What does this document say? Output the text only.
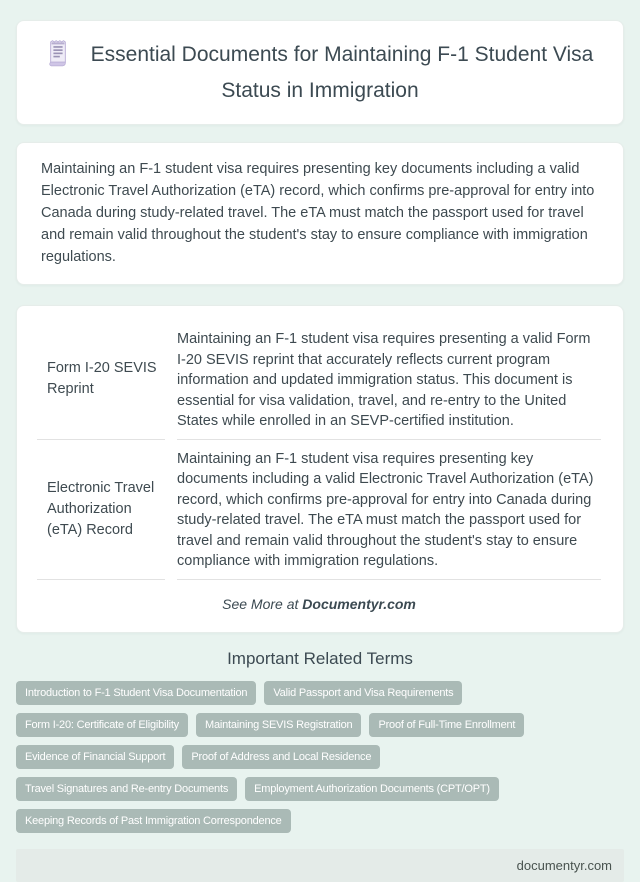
Essential Documents for Maintaining F-1 Student Visa Status in Immigration

Maintaining an F-1 student visa requires presenting key documents including a valid Electronic Travel Authorization (eTA) record, which confirms pre-approval for entry into Canada during study-related travel. The eTA must match the passport used for travel and remain valid throughout the student's stay to ensure compliance with immigration regulations.

Form I-20 SEVIS Reprint
Maintaining an F-1 student visa requires presenting a valid Form I-20 SEVIS reprint that accurately reflects current program information and updated immigration status. This document is essential for visa validation, travel, and re-entry to the United States while enrolled in an SEVP-certified institution.
Electronic Travel Authorization (eTA) Record
Maintaining an F-1 student visa requires presenting key documents including a valid Electronic Travel Authorization (eTA) record, which confirms pre-approval for entry into Canada during study-related travel. The eTA must match the passport used for travel and remain valid throughout the student's stay to ensure compliance with immigration regulations.
See More at Documentyr.com
Important Related Terms
Introduction to F-1 Student Visa Documentation	Valid Passport and Visa Requirements
Form I-20: Certificate of Eligibility	Maintaining SEVIS Registration	Proof of Full-Time Enrollment
Evidence of Financial Support	Proof of Address and Local Residence
Travel Signatures and Re-entry Documents	Employment Authorization Documents (CPT/OPT)
Keeping Records of Past Immigration Correspondence
documentyr.com
